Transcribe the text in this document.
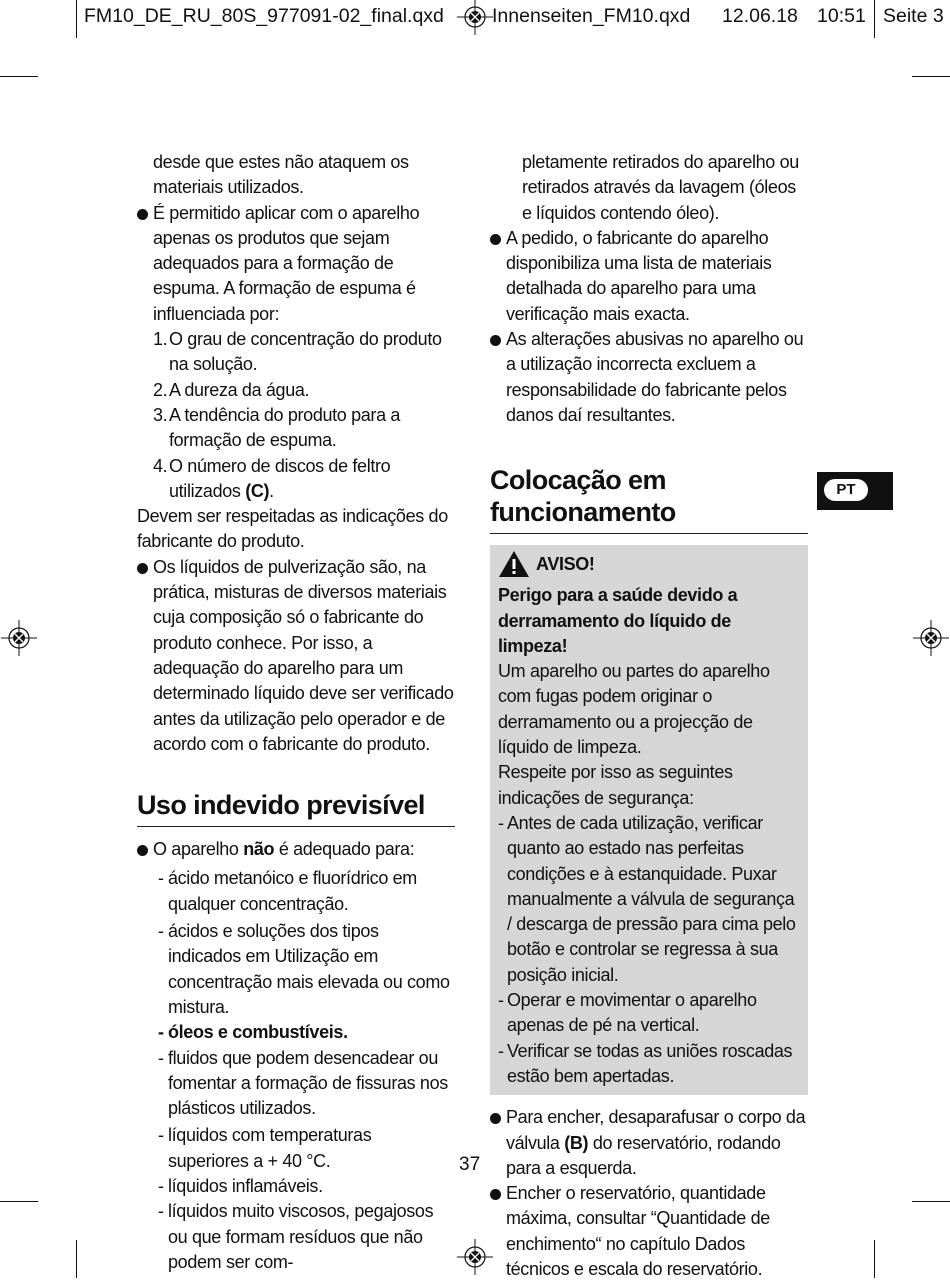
FM10_DE_RU_80S_977091-02_final.qxd Innenseiten_FM10.qxd 12.06.18 10:51 Seite 3

desde que estes não ataquem os materiais utilizados.

É permitido aplicar com o aparelho apenas os produtos que sejam adequados para a formação de espuma. A formação de espuma é influenciada por:

1. O grau de concentração do produto na solução.

2. A dureza da água.

3. A tendência do produto para a formação de espuma.

4. O número de discos de feltro utilizados (C).

Devem ser respeitadas as indicações do fabricante do produto.

Os líquidos de pulverização são, na prática, misturas de diversos materiais cuja composição só o fabricante do produto conhece. Por isso, a adequação do aparelho para um determinado líquido deve ser verificado antes da utilização pelo operador e de acordo com o fabricante do produto.

Uso indevido previsível

O aparelho não é adequado para:

- ácido metanóico e fluorídrico em qualquer concentração.

- ácidos e soluções dos tipos indicados em Utilização em concentração mais elevada ou como mistura.

- óleos e combustíveis.

- fluidos que podem desencadear ou fomentar a formação de fissuras nos plásticos utilizados.

- líquidos com temperaturas superiores a + 40 °C.

- líquidos inflamáveis.

- líquidos muito viscosos, pegajosos ou que formam resíduos que não podem ser com-

pletamente retirados do aparelho ou retirados através da lavagem (óleos e líquidos contendo óleo).

A pedido, o fabricante do aparelho disponibiliza uma lista de materiais detalhada do aparelho para uma verificação mais exacta.

As alterações abusivas no aparelho ou a utilização incorrecta excluem a responsabilidade do fabricante pelos danos daí resultantes.

Colocação em funcionamento
AVISO!

Perigo para a saúde devido a derramamento do líquido de limpeza!

Um aparelho ou partes do aparelho com fugas podem originar o derramamento ou a projecção de líquido de limpeza.

Respeite por isso as seguintes indicações de segurança:

- Antes de cada utilização, verificar quanto ao estado nas perfeitas condições e à estanquidade. Puxar manualmente a válvula de segurança / descarga de pressão para cima pelo botão e controlar se regressa à sua posição inicial.

- Operar e movimentar o aparelho apenas de pé na vertical.

- Verificar se todas as uniões roscadas estão bem apertadas.

Para encher, desaparafusar o corpo da válvula (B) do reservatório, rodando para a esquerda.

Encher o reservatório, quantidade máxima, consultar “Quantidade de enchimento“ no capítulo Dados técnicos e escala do reservatório.

PT
37
